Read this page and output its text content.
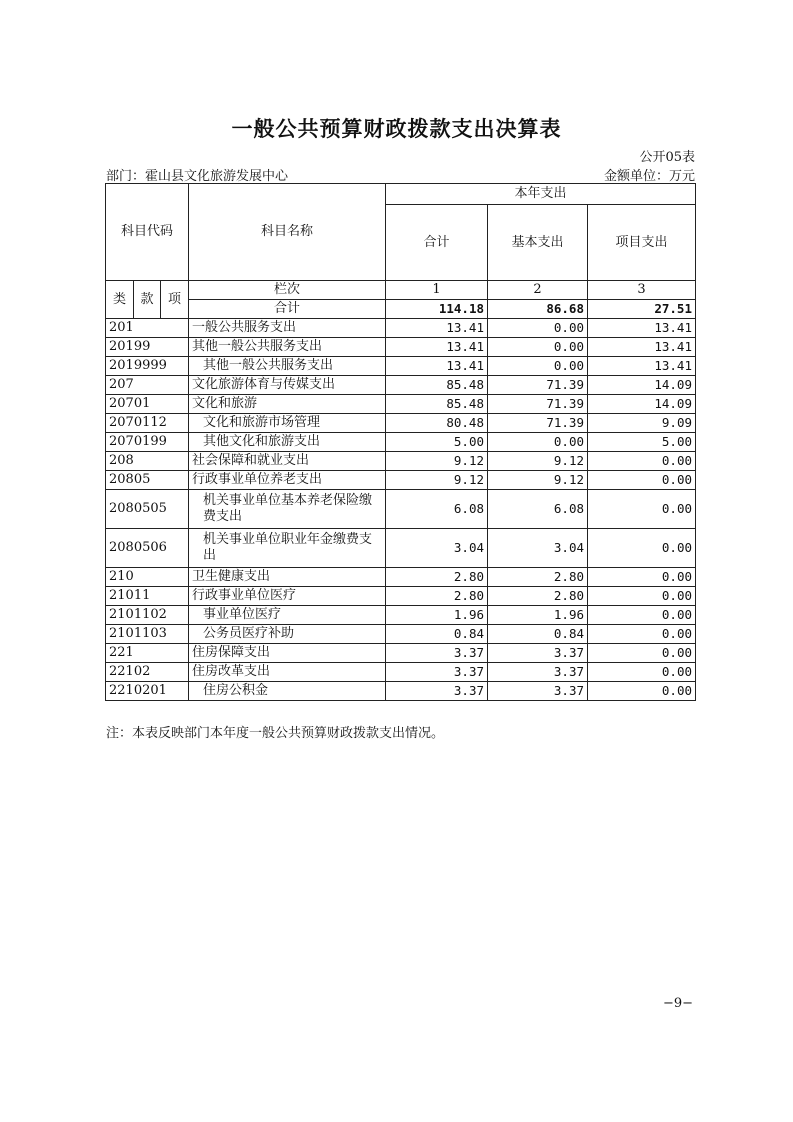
一般公共预算财政拨款支出决算表
公开05表
部门：霍山县文化旅游发展中心	金额单位：万元
科目代码			科目名称	本年支出		
				合计	基本支出	项目支出
类	款	项	栏次	1	2	3
			合计	114.18	86.68	27.51
201			一般公共服务支出	13.41	0.00	13.41
20199			其他一般公共服务支出	13.41	0.00	13.41
2019999			其他一般公共服务支出	13.41	0.00	13.41
207			文化旅游体育与传媒支出	85.48	71.39	14.09
20701			文化和旅游	85.48	71.39	14.09
2070112			文化和旅游市场管理	80.48	71.39	9.09
2070199			其他文化和旅游支出	5.00	0.00	5.00
208			社会保障和就业支出	9.12	9.12	0.00
20805			行政事业单位养老支出	9.12	9.12	0.00
2080505			机关事业单位基本养老保险缴费支出	6.08	6.08	0.00
2080506			机关事业单位职业年金缴费支出	3.04	3.04	0.00
210			卫生健康支出	2.80	2.80	0.00
21011			行政事业单位医疗	2.80	2.80	0.00
2101102			事业单位医疗	1.96	1.96	0.00
2101103			公务员医疗补助	0.84	0.84	0.00
221			住房保障支出	3.37	3.37	0.00
22102			住房改革支出	3.37	3.37	0.00
2210201			住房公积金	3.37	3.37	0.00
注：本表反映部门本年度一般公共预算财政拨款支出情况。
−9−
